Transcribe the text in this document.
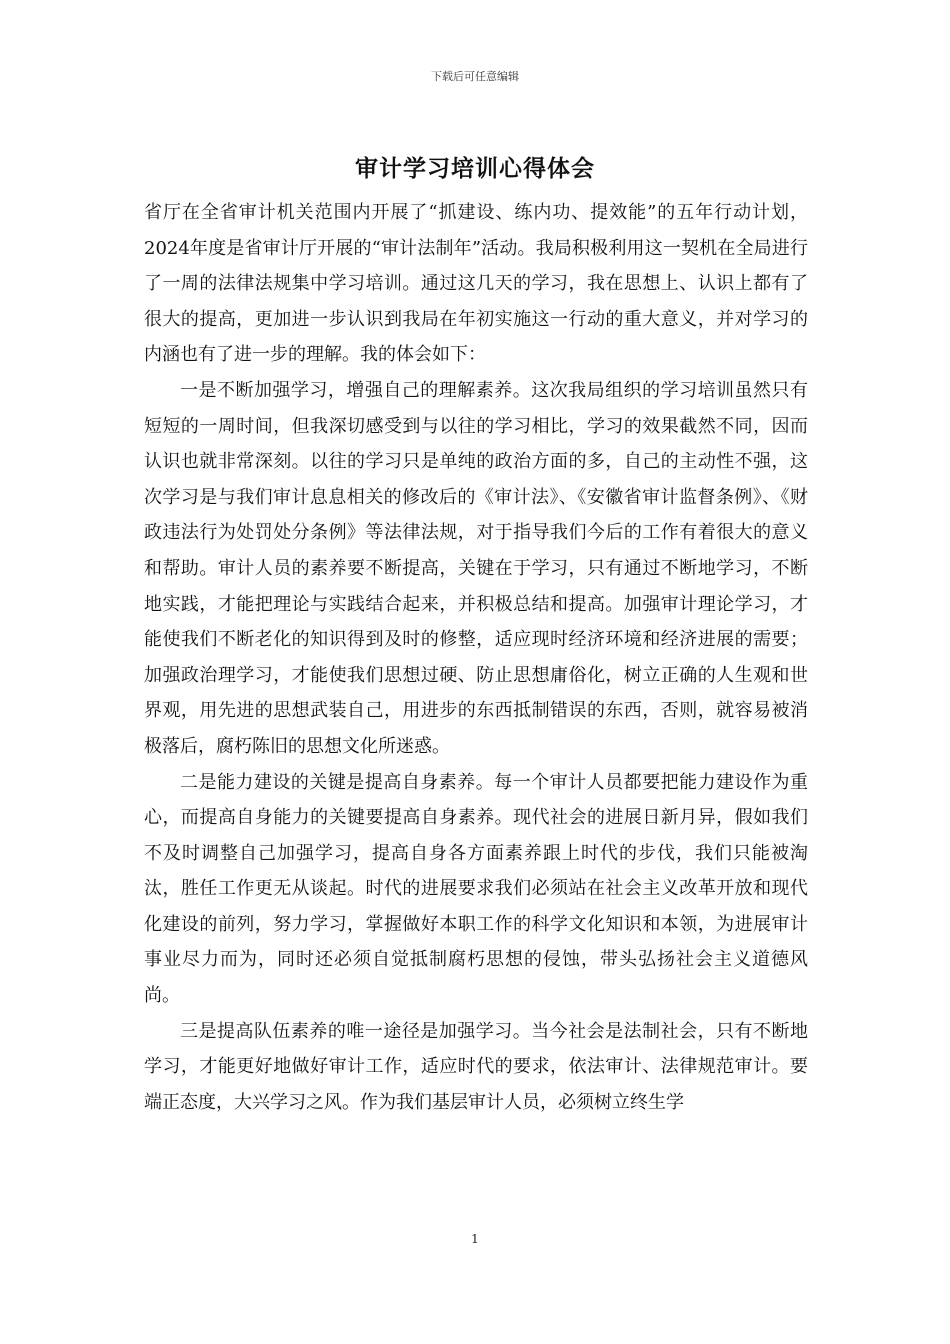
下载后可任意编辑
审计学习培训心得体会

省厅在全省审计机关范围内开展了“抓建设、练内功、提效能”的五年行动计划，2024年度是省审计厅开展的“审计法制年”活动。我局积极利用这一契机在全局进行了一周的法律法规集中学习培训。通过这几天的学习，我在思想上、认识上都有了很大的提高，更加进一步认识到我局在年初实施这一行动的重大意义，并对学习的内涵也有了进一步的理解。我的体会如下：

一是不断加强学习，增强自己的理解素养。这次我局组织的学习培训虽然只有短短的一周时间，但我深切感受到与以往的学习相比，学习的效果截然不同，因而认识也就非常深刻。以往的学习只是单纯的政治方面的多，自己的主动性不强，这次学习是与我们审计息息相关的修改后的《审计法》、《安徽省审计监督条例》、《财政违法行为处罚处分条例》等法律法规，对于指导我们今后的工作有着很大的意义和帮助。审计人员的素养要不断提高，关键在于学习，只有通过不断地学习，不断地实践，才能把理论与实践结合起来，并积极总结和提高。加强审计理论学习，才能使我们不断老化的知识得到及时的修整，适应现时经济环境和经济进展的需要；加强政治理学习，才能使我们思想过硬、防止思想庸俗化，树立正确的人生观和世界观，用先进的思想武装自己，用进步的东西抵制错误的东西，否则，就容易被消极落后，腐朽陈旧的思想文化所迷惑。

二是能力建设的关键是提高自身素养。每一个审计人员都要把能力建设作为重心，而提高自身能力的关键要提高自身素养。现代社会的进展日新月异，假如我们不及时调整自己加强学习，提高自身各方面素养跟上时代的步伐，我们只能被淘汰，胜任工作更无从谈起。时代的进展要求我们必须站在社会主义改革开放和现代化建设的前列，努力学习，掌握做好本职工作的科学文化知识和本领，为进展审计事业尽力而为，同时还必须自觉抵制腐朽思想的侵蚀，带头弘扬社会主义道德风尚。

三是提高队伍素养的唯一途径是加强学习。当今社会是法制社会，只有不断地学习，才能更好地做好审计工作，适应时代的要求，依法审计、法律规范审计。要端正态度，大兴学习之风。作为我们基层审计人员，必须树立终生学

1
